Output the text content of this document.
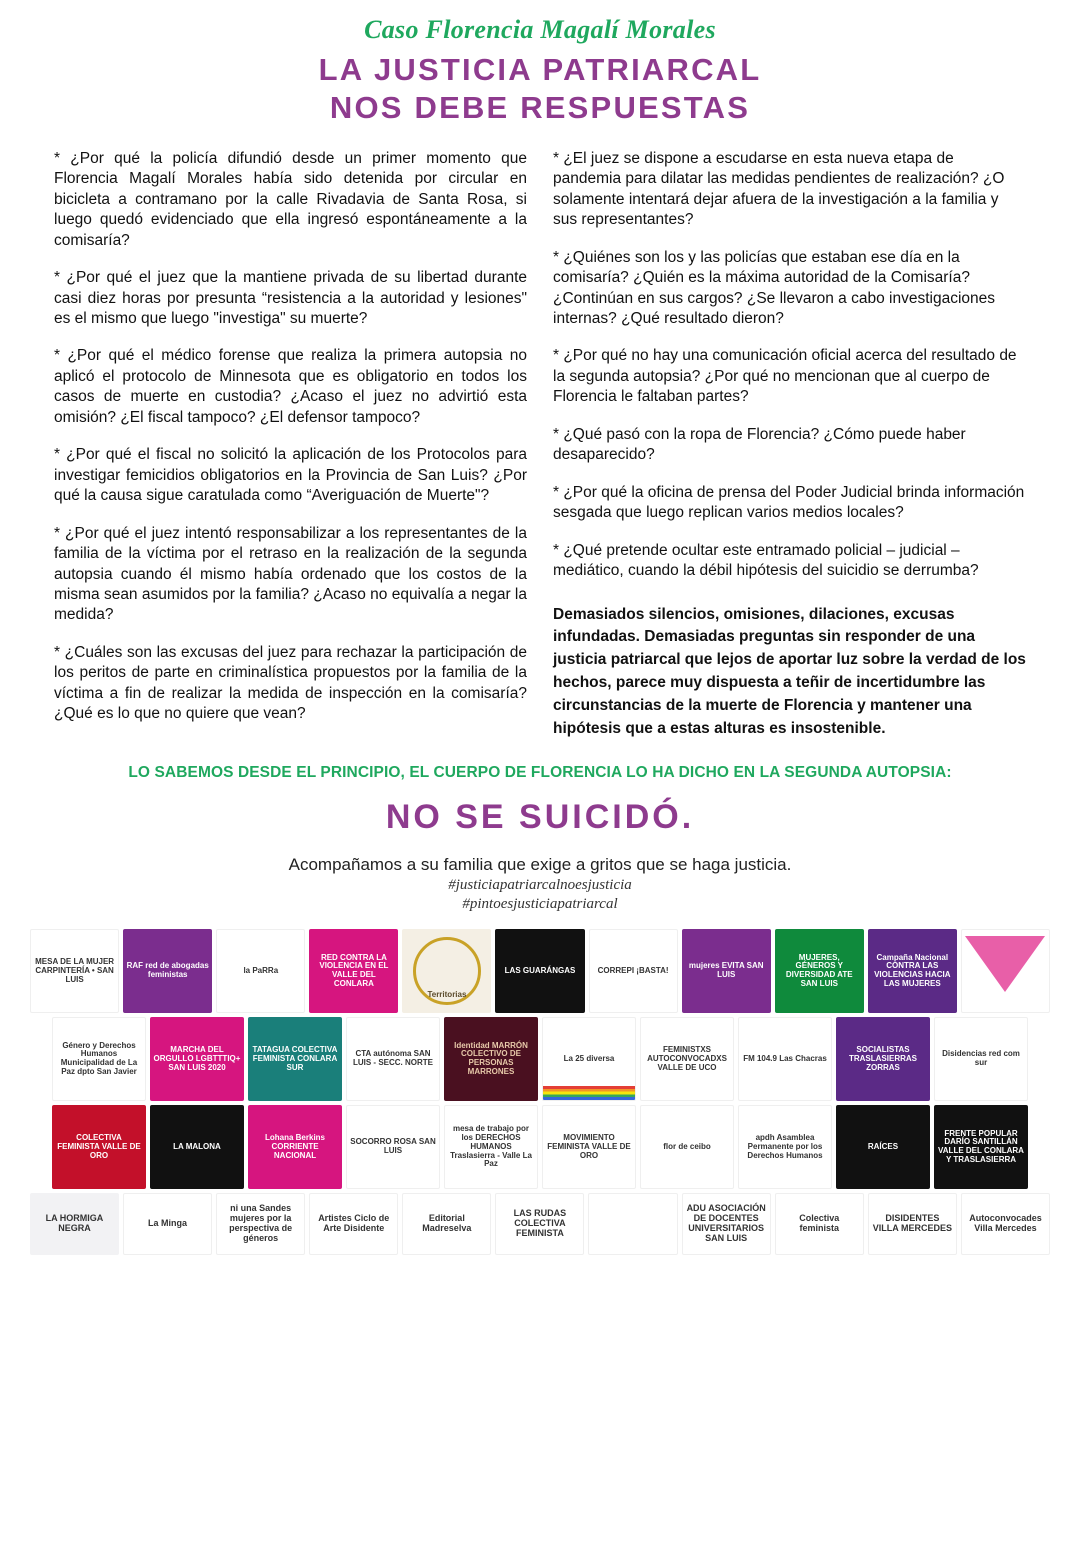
Caso Florencia Magalí Morales
LA JUSTICIA PATRIARCAL
NOS DEBE RESPUESTAS

* ¿Por qué la policía difundió desde un primer momento que Florencia Magalí Morales había sido detenida por circular en bicicleta a contramano por la calle Rivadavia de Santa Rosa, si luego quedó evidenciado que ella ingresó espontáneamente a la comisaría?

* ¿Por qué el juez que la mantiene privada de su libertad durante casi diez horas por presunta “resistencia a la autoridad y lesiones" es el mismo que luego "investiga" su muerte?

* ¿Por qué el médico forense que realiza la primera autopsia no aplicó el protocolo de Minnesota que es obligatorio en todos los casos de muerte en custodia? ¿Acaso el juez no advirtió esta omisión? ¿El fiscal tampoco? ¿El defensor tampoco?

* ¿Por qué el fiscal no solicitó la aplicación de los Protocolos para investigar femicidios obligatorios en la Provincia de San Luis? ¿Por qué la causa sigue caratulada como “Averiguación de Muerte"?

* ¿Por qué el juez intentó responsabilizar a los representantes de la familia de la víctima por el retraso en la realización de la segunda autopsia cuando él mismo había ordenado que los costos de la misma sean asumidos por la familia? ¿Acaso no equivalía a negar la medida?

* ¿Cuáles son las excusas del juez para rechazar la participación de los peritos de parte en criminalística propuestos por la familia de la víctima a fin de realizar la medida de inspección en la comisaría? ¿Qué es lo que no quiere que vean?

* ¿El juez se dispone a escudarse en esta nueva etapa de pandemia para dilatar las medidas pendientes de realización? ¿O solamente intentará dejar afuera de la investigación a la familia y sus representantes?

* ¿Quiénes son los y las policías que estaban ese día en la comisaría? ¿Quién es la máxima autoridad de la Comisaría? ¿Continúan en sus cargos? ¿Se llevaron a cabo investigaciones internas? ¿Qué resultado dieron?

* ¿Por qué no hay una comunicación oficial acerca del resultado de la segunda autopsia? ¿Por qué no mencionan que al cuerpo de Florencia le faltaban partes?

* ¿Qué pasó con la ropa de Florencia? ¿Cómo puede haber desaparecido?

* ¿Por qué la oficina de prensa del Poder Judicial brinda información sesgada que luego replican varios medios locales?

* ¿Qué pretende ocultar este entramado policial – judicial – mediático, cuando la débil hipótesis del suicidio se derrumba?

Demasiados silencios, omisiones, dilaciones, excusas infundadas. Demasiadas preguntas sin responder de una justicia patriarcal que lejos de aportar luz sobre la verdad de los hechos, parece muy dispuesta a teñir de incertidumbre las circunstancias de la muerte de Florencia y mantener una hipótesis que a estas alturas es insostenible.

LO SABEMOS DESDE EL PRINCIPIO, EL CUERPO DE FLORENCIA LO HA DICHO EN LA SEGUNDA AUTOPSIA:

NO SE SUICIDÓ.

Acompañamos a su familia que exige a gritos que se haga justicia.

#justiciapatriarcalnoesjusticia

#pintoesjusticiapatriarcal

MESA DE LA MUJER CARPINTERÍA • SAN LUIS
RAF red de abogadas feministas	la PaRRa
RED CONTRA LA VIOLENCIA EN EL VALLE DEL CONLARA
Territorias
LAS GUARÁNGAS	CORREPI ¡BASTA!	mujeres EVITA SAN LUIS
MUJERES, GÉNEROS Y DIVERSIDAD ATE SAN LUIS
Campaña Nacional CONTRA LAS VIOLENCIAS HACIA LAS MUJERES
Género y Derechos Humanos Municipalidad de La Paz dpto San Javier
MARCHA DEL ORGULLO LGBTTTIQ+ SAN LUIS 2020
TATAGUA COLECTIVA FEMINISTA CONLARA SUR
CTA autónoma SAN LUIS - SECC. NORTE
Identidad MARRÓN COLECTIVO DE PERSONAS MARRONES
La 25 diversa
FEMINISTXS AUTOCONVOCADXS VALLE DE UCO
FM 104.9 Las Chacras
SOCIALISTAS TRASLASIERRAS ZORRAS
Disidencias red com sur
COLECTIVA FEMINISTA VALLE DE ORO
LA MALONA
Lohana Berkins CORRIENTE NACIONAL
SOCORRO ROSA SAN LUIS
mesa de trabajo por los DERECHOS HUMANOS Traslasierra - Valle La Paz
MOVIMIENTO FEMINISTA VALLE DE ORO
flor de ceibo
apdh Asamblea Permanente por los Derechos Humanos
RAÍCES
FRENTE POPULAR DARÍO SANTILLÁN VALLE DEL CONLARA Y TRASLASIERRA
LA HORMIGA NEGRA	La Minga
ni una Sandes mujeres por la perspectiva de géneros
Artistes Ciclo de Arte Disidente
Editorial Madreselva
LAS RUDAS COLECTIVA FEMINISTA
ADU ASOCIACIÓN DE DOCENTES UNIVERSITARIOS SAN LUIS
Colectiva feminista
DISIDENTES VILLA MERCEDES
Autoconvocades Villa Mercedes
